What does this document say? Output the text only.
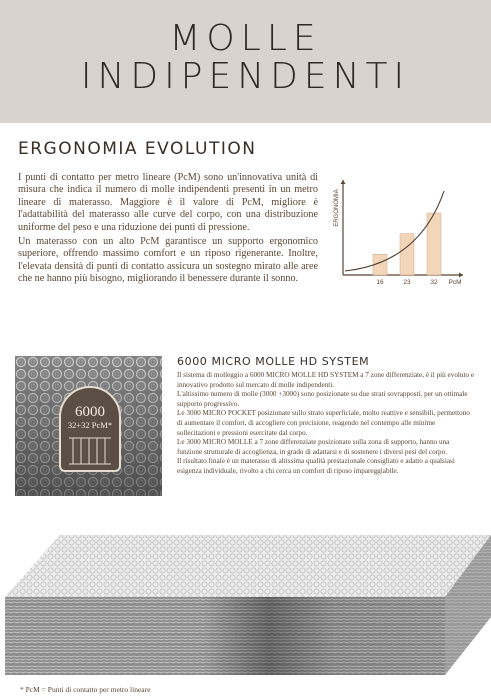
MOLLE
INDIPENDENTI
ERGONOMIA EVOLUTION
I punti di contatto per metro lineare (PcM) sono un'innovativa unità di misura che indica il numero di molle indipendenti presenti in un metro lineare di materasso. Maggiore è il valore di PcM, migliore è l'adattabilità del materasso alle curve del corpo, con una distribuzione uniforme del peso e una riduzione dei punti di pressione.
Un materasso con un alto PcM garantisce un supporto ergonomico superiore, offrendo massimo comfort e un riposo rigenerante. Inoltre, l'elevata densità di punti di contatto assicura un sostegno mirato alle aree che ne hanno più bisogno, migliorando il benessere durante il sonno.
ERGONOMIA
16	23	32 PcM
6000
32+32 PcM*
6000 MICRO MOLLE HD SYSTEM

Il sistema di molleggio a 6000 MICRO MOLLE HD SYSTEM a 7 zone differenziate, è il più evoluto e innovativo prodotto sul mercato di molle indipendenti.

L'altissimo numero di molle (3000 +3000) sono posizionate su due strati sovrapposti, per un ottimale supporto progressivo.

Le 3000 MICRO POCKET posizionate sullo strato superficiale, molto reattive e sensibili, permettono di aumentare il comfort, di accogliere con precisione, reagendo nel contempo alle minime sollecitazioni e pressioni esercitate dal corpo.

Le 3000 MICRO MOLLE a 7 zone differenziate posizionate sulla zona di supporto, hanno una funzione strutturale di accoglienza, in grado di adattarsi e di sostenere i diversi pesi del corpo.

Il risultato finale è un materasso di altissima qualità prestazionale consigliato e adatto a qualsiasi esigenza individuale, rivolto a chi cerca un comfort di riposo impareggiabile.

* PcM = Punti di contatto per metro lineare
